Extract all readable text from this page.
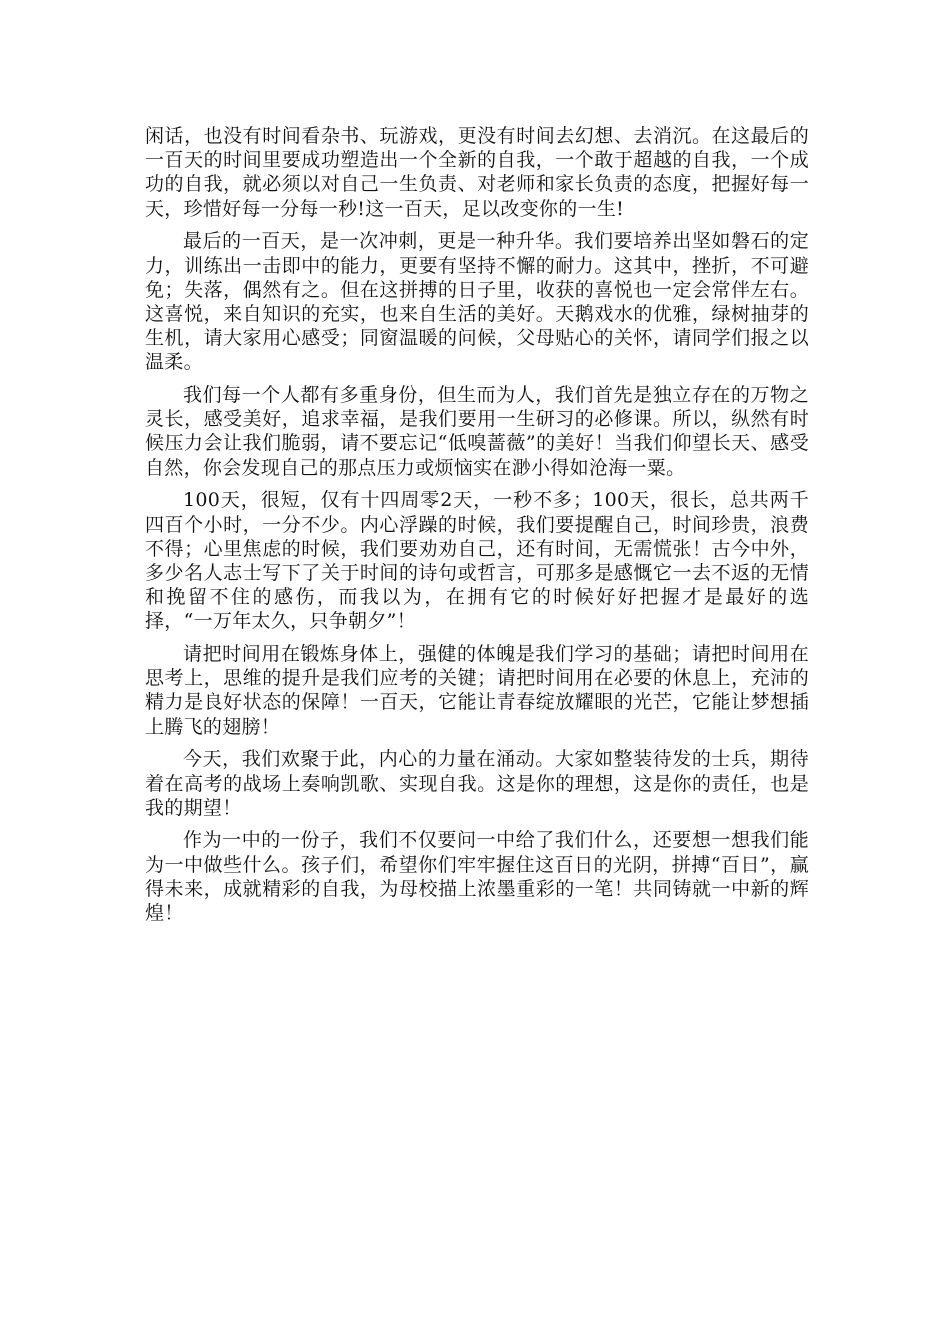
闲话，也没有时间看杂书、玩游戏，更没有时间去幻想、去消沉。在这最后的一百天的时间里要成功塑造出一个全新的自我，一个敢于超越的自我，一个成功的自我，就必须以对自己一生负责、对老师和家长负责的态度，把握好每一天，珍惜好每一分每一秒!这一百天，足以改变你的一生!

最后的一百天，是一次冲刺，更是一种升华。我们要培养出坚如磐石的定力，训练出一击即中的能力，更要有坚持不懈的耐力。这其中，挫折，不可避免；失落，偶然有之。但在这拼搏的日子里，收获的喜悦也一定会常伴左右。这喜悦，来自知识的充实，也来自生活的美好。天鹅戏水的优雅，绿树抽芽的生机，请大家用心感受；同窗温暖的问候，父母贴心的关怀，请同学们报之以温柔。

我们每一个人都有多重身份，但生而为人，我们首先是独立存在的万物之灵长，感受美好，追求幸福，是我们要用一生研习的必修课。所以，纵然有时候压力会让我们脆弱，请不要忘记“低嗅蔷薇”的美好！当我们仰望长天、感受自然，你会发现自己的那点压力或烦恼实在渺小得如沧海一粟。

100天，很短，仅有十四周零2天，一秒不多；100天，很长，总共两千四百个小时，一分不少。内心浮躁的时候，我们要提醒自己，时间珍贵，浪费不得；心里焦虑的时候，我们要劝劝自己，还有时间，无需慌张！古今中外，多少名人志士写下了关于时间的诗句或哲言，可那多是感慨它一去不返的无情和挽留不住的感伤，而我以为，在拥有它的时候好好把握才是最好的选择，“一万年太久，只争朝夕”！

请把时间用在锻炼身体上，强健的体魄是我们学习的基础；请把时间用在思考上，思维的提升是我们应考的关键；请把时间用在必要的休息上，充沛的精力是良好状态的保障！一百天，它能让青春绽放耀眼的光芒，它能让梦想插上腾飞的翅膀！

今天，我们欢聚于此，内心的力量在涌动。大家如整装待发的士兵，期待着在高考的战场上奏响凯歌、实现自我。这是你的理想，这是你的责任，也是我的期望！

作为一中的一份子，我们不仅要问一中给了我们什么，还要想一想我们能为一中做些什么。孩子们，希望你们牢牢握住这百日的光阴，拼搏“百日”，赢得未来，成就精彩的自我，为母校描上浓墨重彩的一笔！共同铸就一中新的辉煌！
